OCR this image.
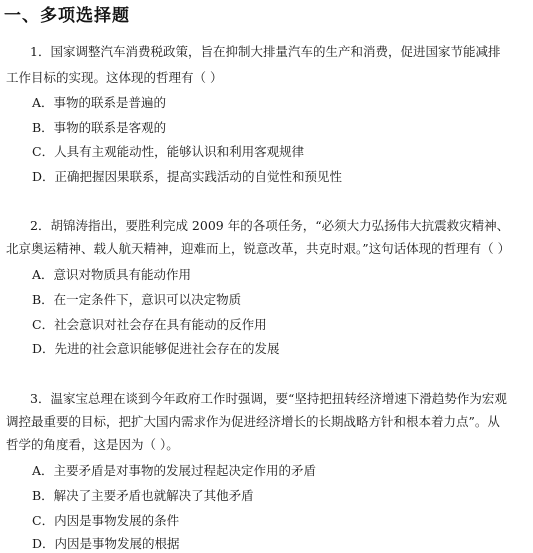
一、多项选择题
1．国家调整汽车消费税政策，旨在抑制大排量汽车的生产和消费，促进国家节能减排
工作目标的实现。这体现的哲理有（ ）
A．事物的联系是普遍的
B．事物的联系是客观的
C．人具有主观能动性，能够认识和利用客观规律
D．正确把握因果联系，提高实践活动的自觉性和预见性
2．胡锦涛指出，要胜利完成 2009 年的各项任务，“必须大力弘扬伟大抗震救灾精神、
北京奥运精神、载人航天精神，迎难而上，锐意改革，共克时艰。”这句话体现的哲理有（ ）
A．意识对物质具有能动作用
B．在一定条件下，意识可以决定物质
C．社会意识对社会存在具有能动的反作用
D．先进的社会意识能够促进社会存在的发展
3．温家宝总理在谈到今年政府工作时强调，要“坚持把扭转经济增速下滑趋势作为宏观
调控最重要的目标，把扩大国内需求作为促进经济增长的长期战略方针和根本着力点”。从
哲学的角度看，这是因为（ ）。
A．主要矛盾是对事物的发展过程起决定作用的矛盾
B．解决了主要矛盾也就解决了其他矛盾
C．内因是事物发展的条件
D．内因是事物发展的根据
